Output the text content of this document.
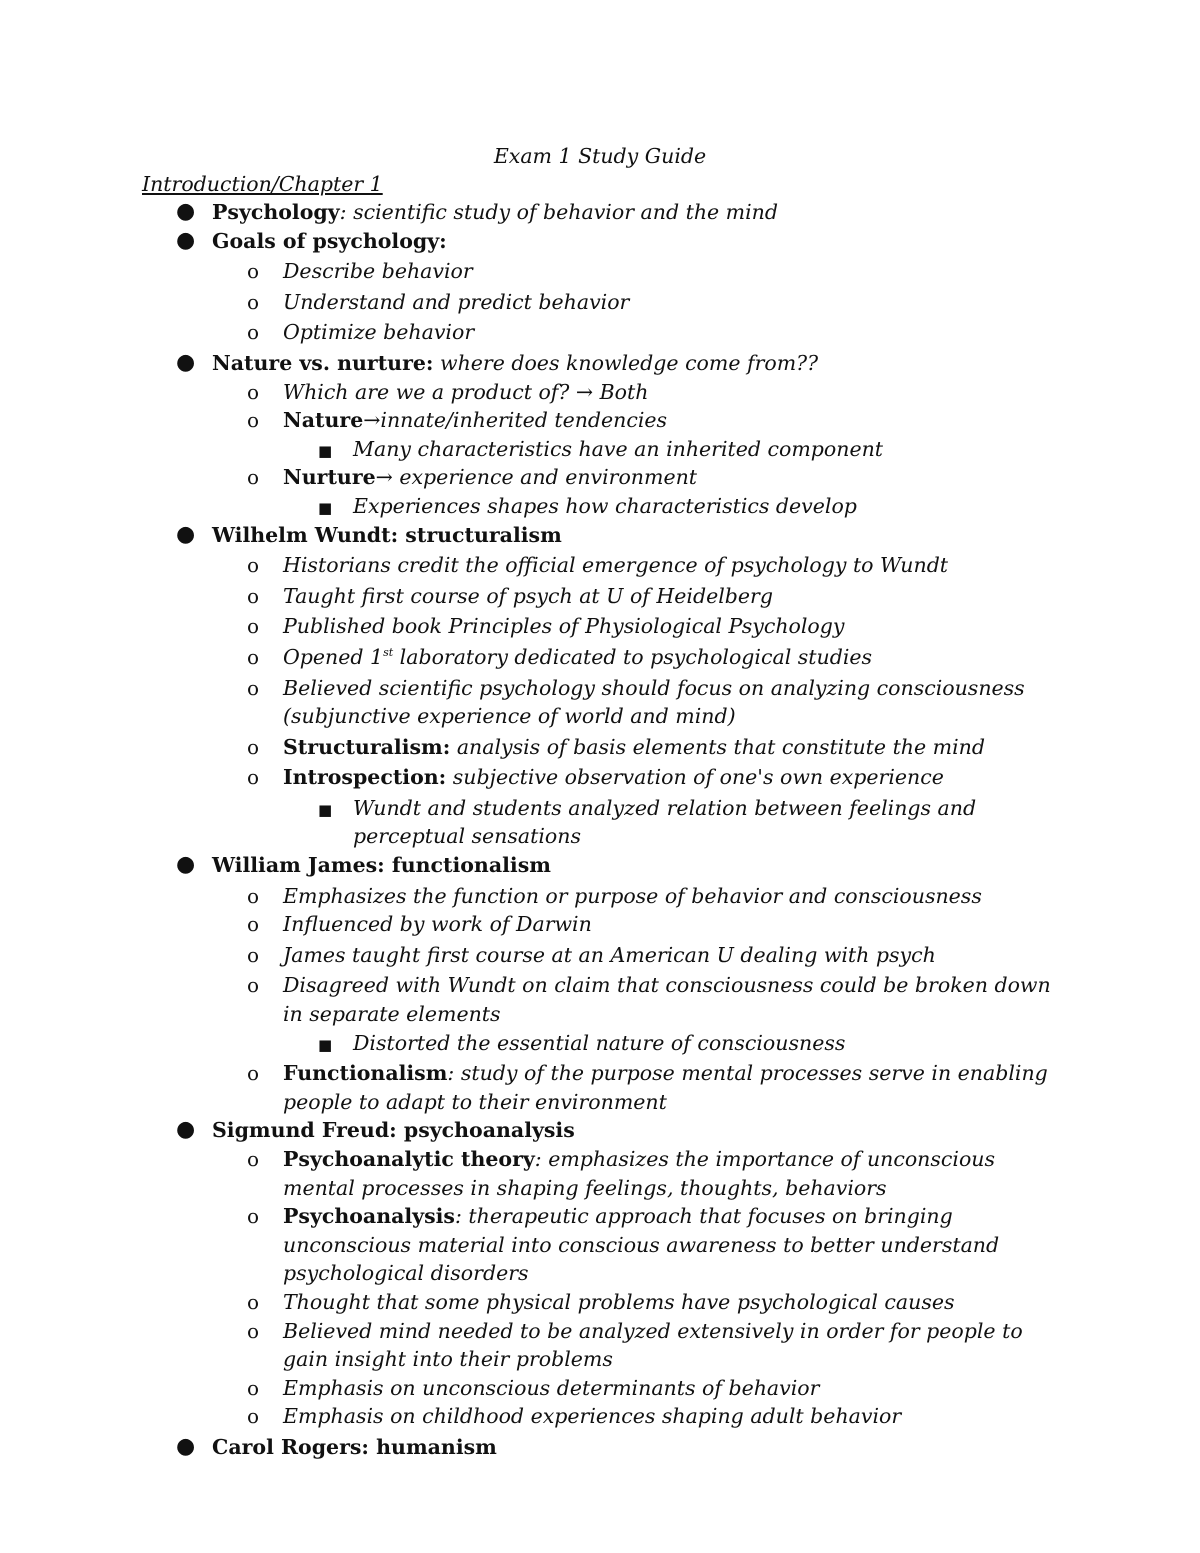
Exam 1 Study Guide
Introduction/Chapter 1
● Psychology: scientific study of behavior and the mind
● Goals of psychology:
o Describe behavior
o Understand and predict behavior
o Optimize behavior
● Nature vs. nurture: where does knowledge come from??
o Which are we a product of? → Both
o Nature→innate/inherited tendencies
■ Many characteristics have an inherited component
o Nurture→ experience and environment
■ Experiences shapes how characteristics develop
● Wilhelm Wundt: structuralism
o Historians credit the official emergence of psychology to Wundt
o Taught first course of psych at U of Heidelberg
o Published book Principles of Physiological Psychology
o Opened 1st laboratory dedicated to psychological studies
o Believed scientific psychology should focus on analyzing consciousness (subjunctive experience of world and mind)
o Structuralism: analysis of basis elements that constitute the mind
o Introspection: subjective observation of one's own experience
■ Wundt and students analyzed relation between feelings and perceptual sensations
● William James: functionalism
o Emphasizes the function or purpose of behavior and consciousness
o Influenced by work of Darwin
o James taught first course at an American U dealing with psych
o Disagreed with Wundt on claim that consciousness could be broken down in separate elements
■ Distorted the essential nature of consciousness
o Functionalism: study of the purpose mental processes serve in enabling people to adapt to their environment
● Sigmund Freud: psychoanalysis
o Psychoanalytic theory: emphasizes the importance of unconscious mental processes in shaping feelings, thoughts, behaviors
o Psychoanalysis: therapeutic approach that focuses on bringing unconscious material into conscious awareness to better understand psychological disorders
o Thought that some physical problems have psychological causes
o Believed mind needed to be analyzed extensively in order for people to gain insight into their problems
o Emphasis on unconscious determinants of behavior
o Emphasis on childhood experiences shaping adult behavior
● Carol Rogers: humanism
